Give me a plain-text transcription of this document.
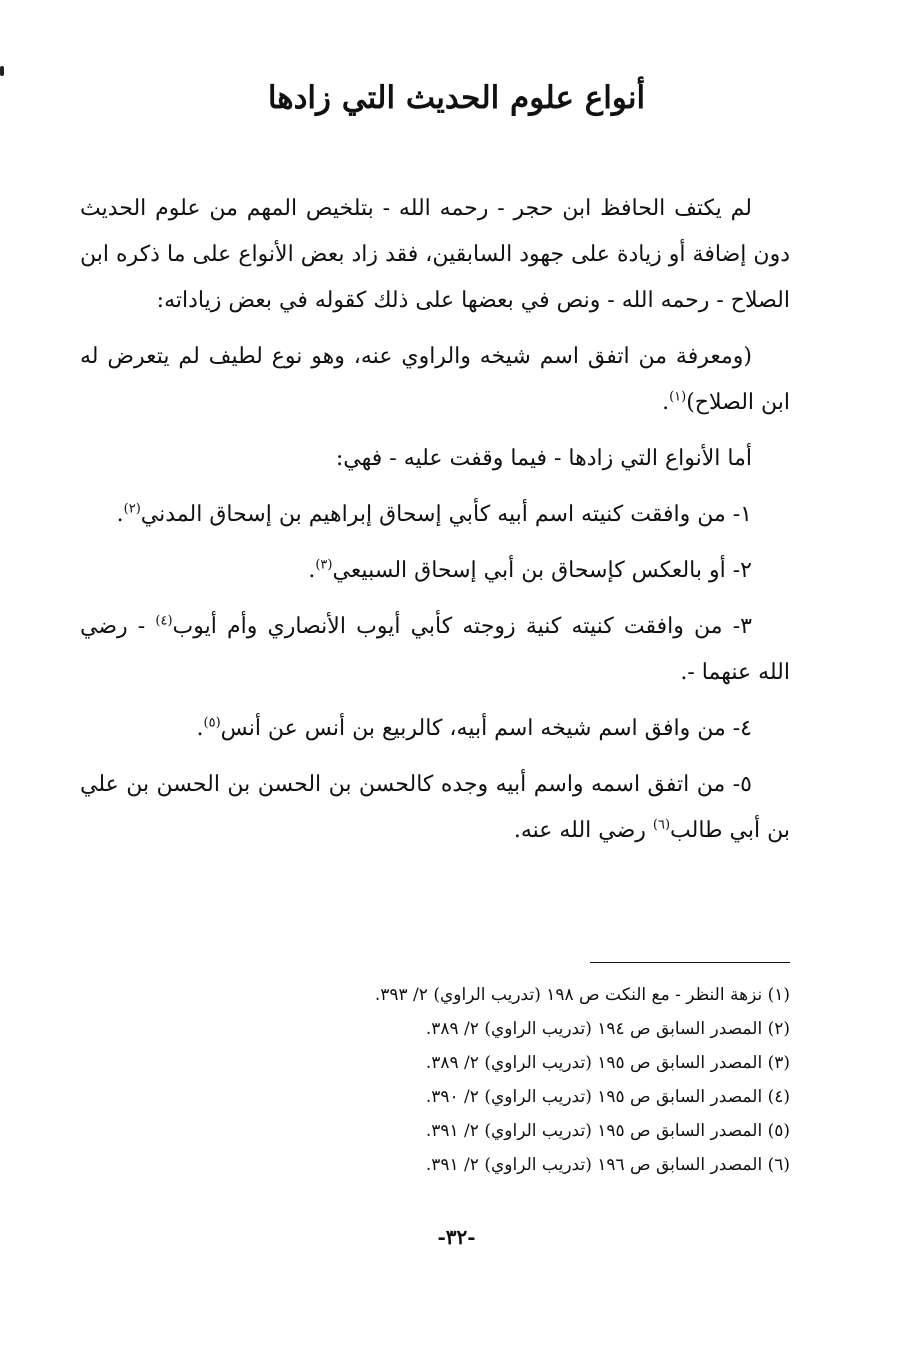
أنواع علوم الحديث التي زادها

لم يكتف الحافظ ابن حجر - رحمه الله - بتلخيص المهم من علوم الحديث دون إضافة أو زيادة على جهود السابقين، فقد زاد بعض الأنواع على ما ذكره ابن الصلاح - رحمه الله - ونص في بعضها على ذلك كقوله في بعض زياداته:

(ومعرفة من اتفق اسم شيخه والراوي عنه، وهو نوع لطيف لم يتعرض له ابن الصلاح)$^{(١)}$.

أما الأنواع التي زادها - فيما وقفت عليه - فهي:

١- من وافقت كنيته اسم أبيه كأبي إسحاق إبراهيم بن إسحاق المدني$^{(٢)}$.

٢- أو بالعكس كإسحاق بن أبي إسحاق السبيعي$^{(٣)}$.

٣- من وافقت كنيته كنية زوجته كأبي أيوب الأنصاري وأم أيوب$^{(٤)}$ - رضي الله عنهما -.

٤- من وافق اسم شيخه اسم أبيه، كالربيع بن أنس عن أنس$^{(٥)}$.

٥- من اتفق اسمه واسم أبيه وجده كالحسن بن الحسن بن الحسن بن علي بن أبي طالب$^{(٦)}$ رضي الله عنه.

(١) نزهة النظر - مع النكت ص ١٩٨ (تدريب الراوي) ٢/ ٣٩٣.
(٢) المصدر السابق ص ١٩٤ (تدريب الراوي) ٢/ ٣٨٩.
(٣) المصدر السابق ص ١٩٥ (تدريب الراوي) ٢/ ٣٨٩.
(٤) المصدر السابق ص ١٩٥ (تدريب الراوي) ٢/ ٣٩٠.
(٥) المصدر السابق ص ١٩٥ (تدريب الراوي) ٢/ ٣٩١.
(٦) المصدر السابق ص ١٩٦ (تدريب الراوي) ٢/ ٣٩١.
-٣٢-
